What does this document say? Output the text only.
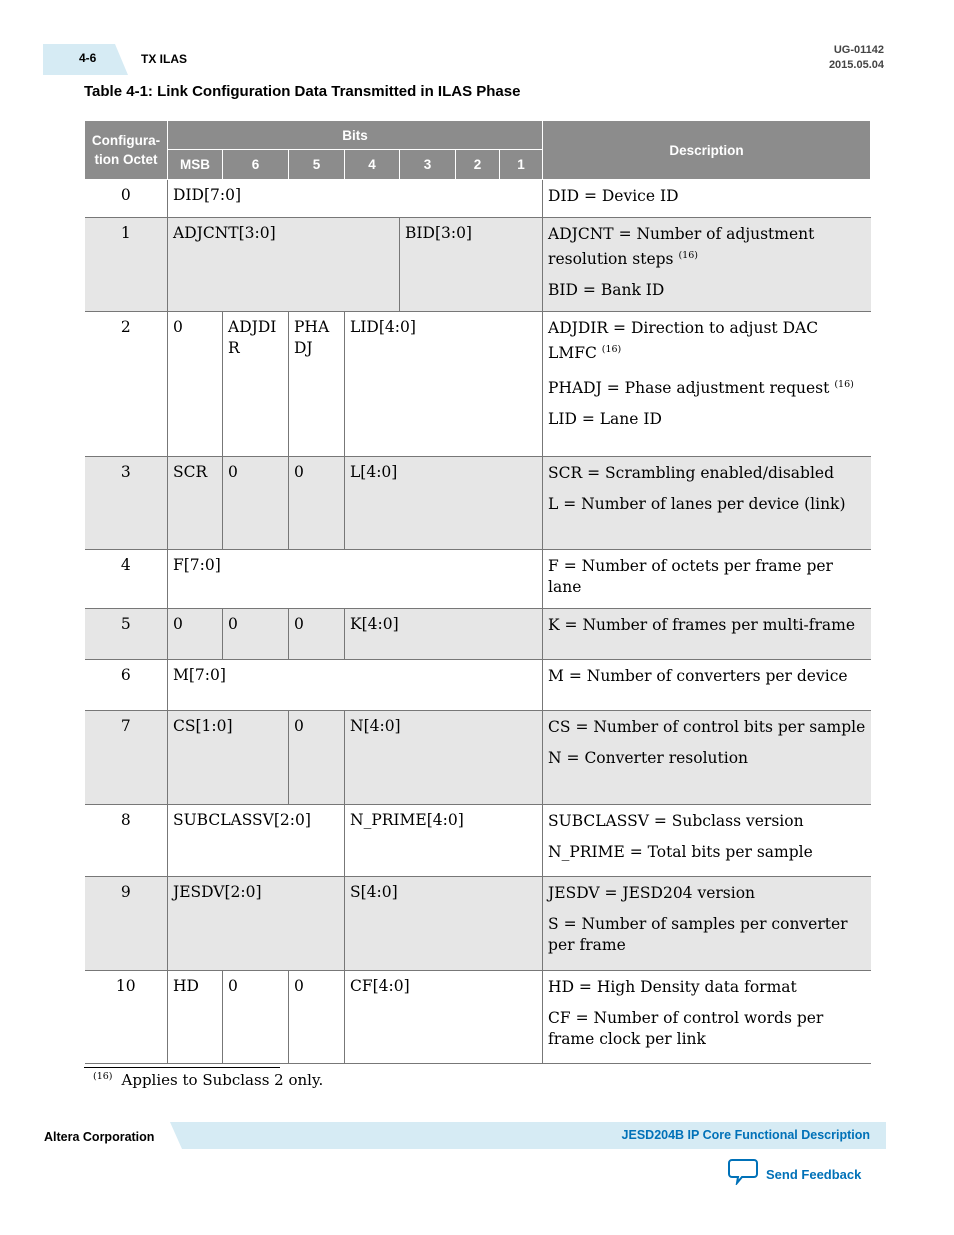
4-6	TX ILAS
UG-01142
2015.05.04
Table 4-1: Link Configuration Data Transmitted in ILAS Phase
Configura-tion Octet	Bits							Description	
	MSB	6	5	4	3	2	1		LSB
0	DID[7:0]							DID = Device ID	

1	ADJCNT[3:0]				BID[3:0]			ADJCNT = Number of adjustment resolution steps $^{(16)}$

BID = Bank ID	

2	0	ADJDI R	PHA DJ	LID[4:0]				ADJDIR = Direction to adjust DAC LMFC $^{(16)}$

PHADJ = Phase adjustment request $^{(16)}$

LID = Lane ID	

3	SCR	0	0	L[4:0]				SCR = Scrambling enabled/disabled

L = Number of lanes per device (link)	

4	F[7:0]							F = Number of octets per frame per lane	

5	0	0	0	K[4:0]				K = Number of frames per multi-frame	

6	M[7:0]							M = Number of converters per device	

7	CS[1:0]		0	N[4:0]				CS = Number of control bits per sample

N = Converter resolution	

8	SUBCLASSV[2:0]			N_PRIME[4:0]				SUBCLASSV = Subclass version

N_PRIME = Total bits per sample	

9	JESDV[2:0]			S[4:0]				JESDV = JESD204 version

S = Number of samples per converter per frame	

10	HD	0	0	CF[4:0]				HD = High Density data format

CF = Number of control words per frame clock per link	

$^{(16)}$ Applies to Subclass 2 only.
Altera Corporation	JESD204B IP Core Functional Description
Send Feedback
